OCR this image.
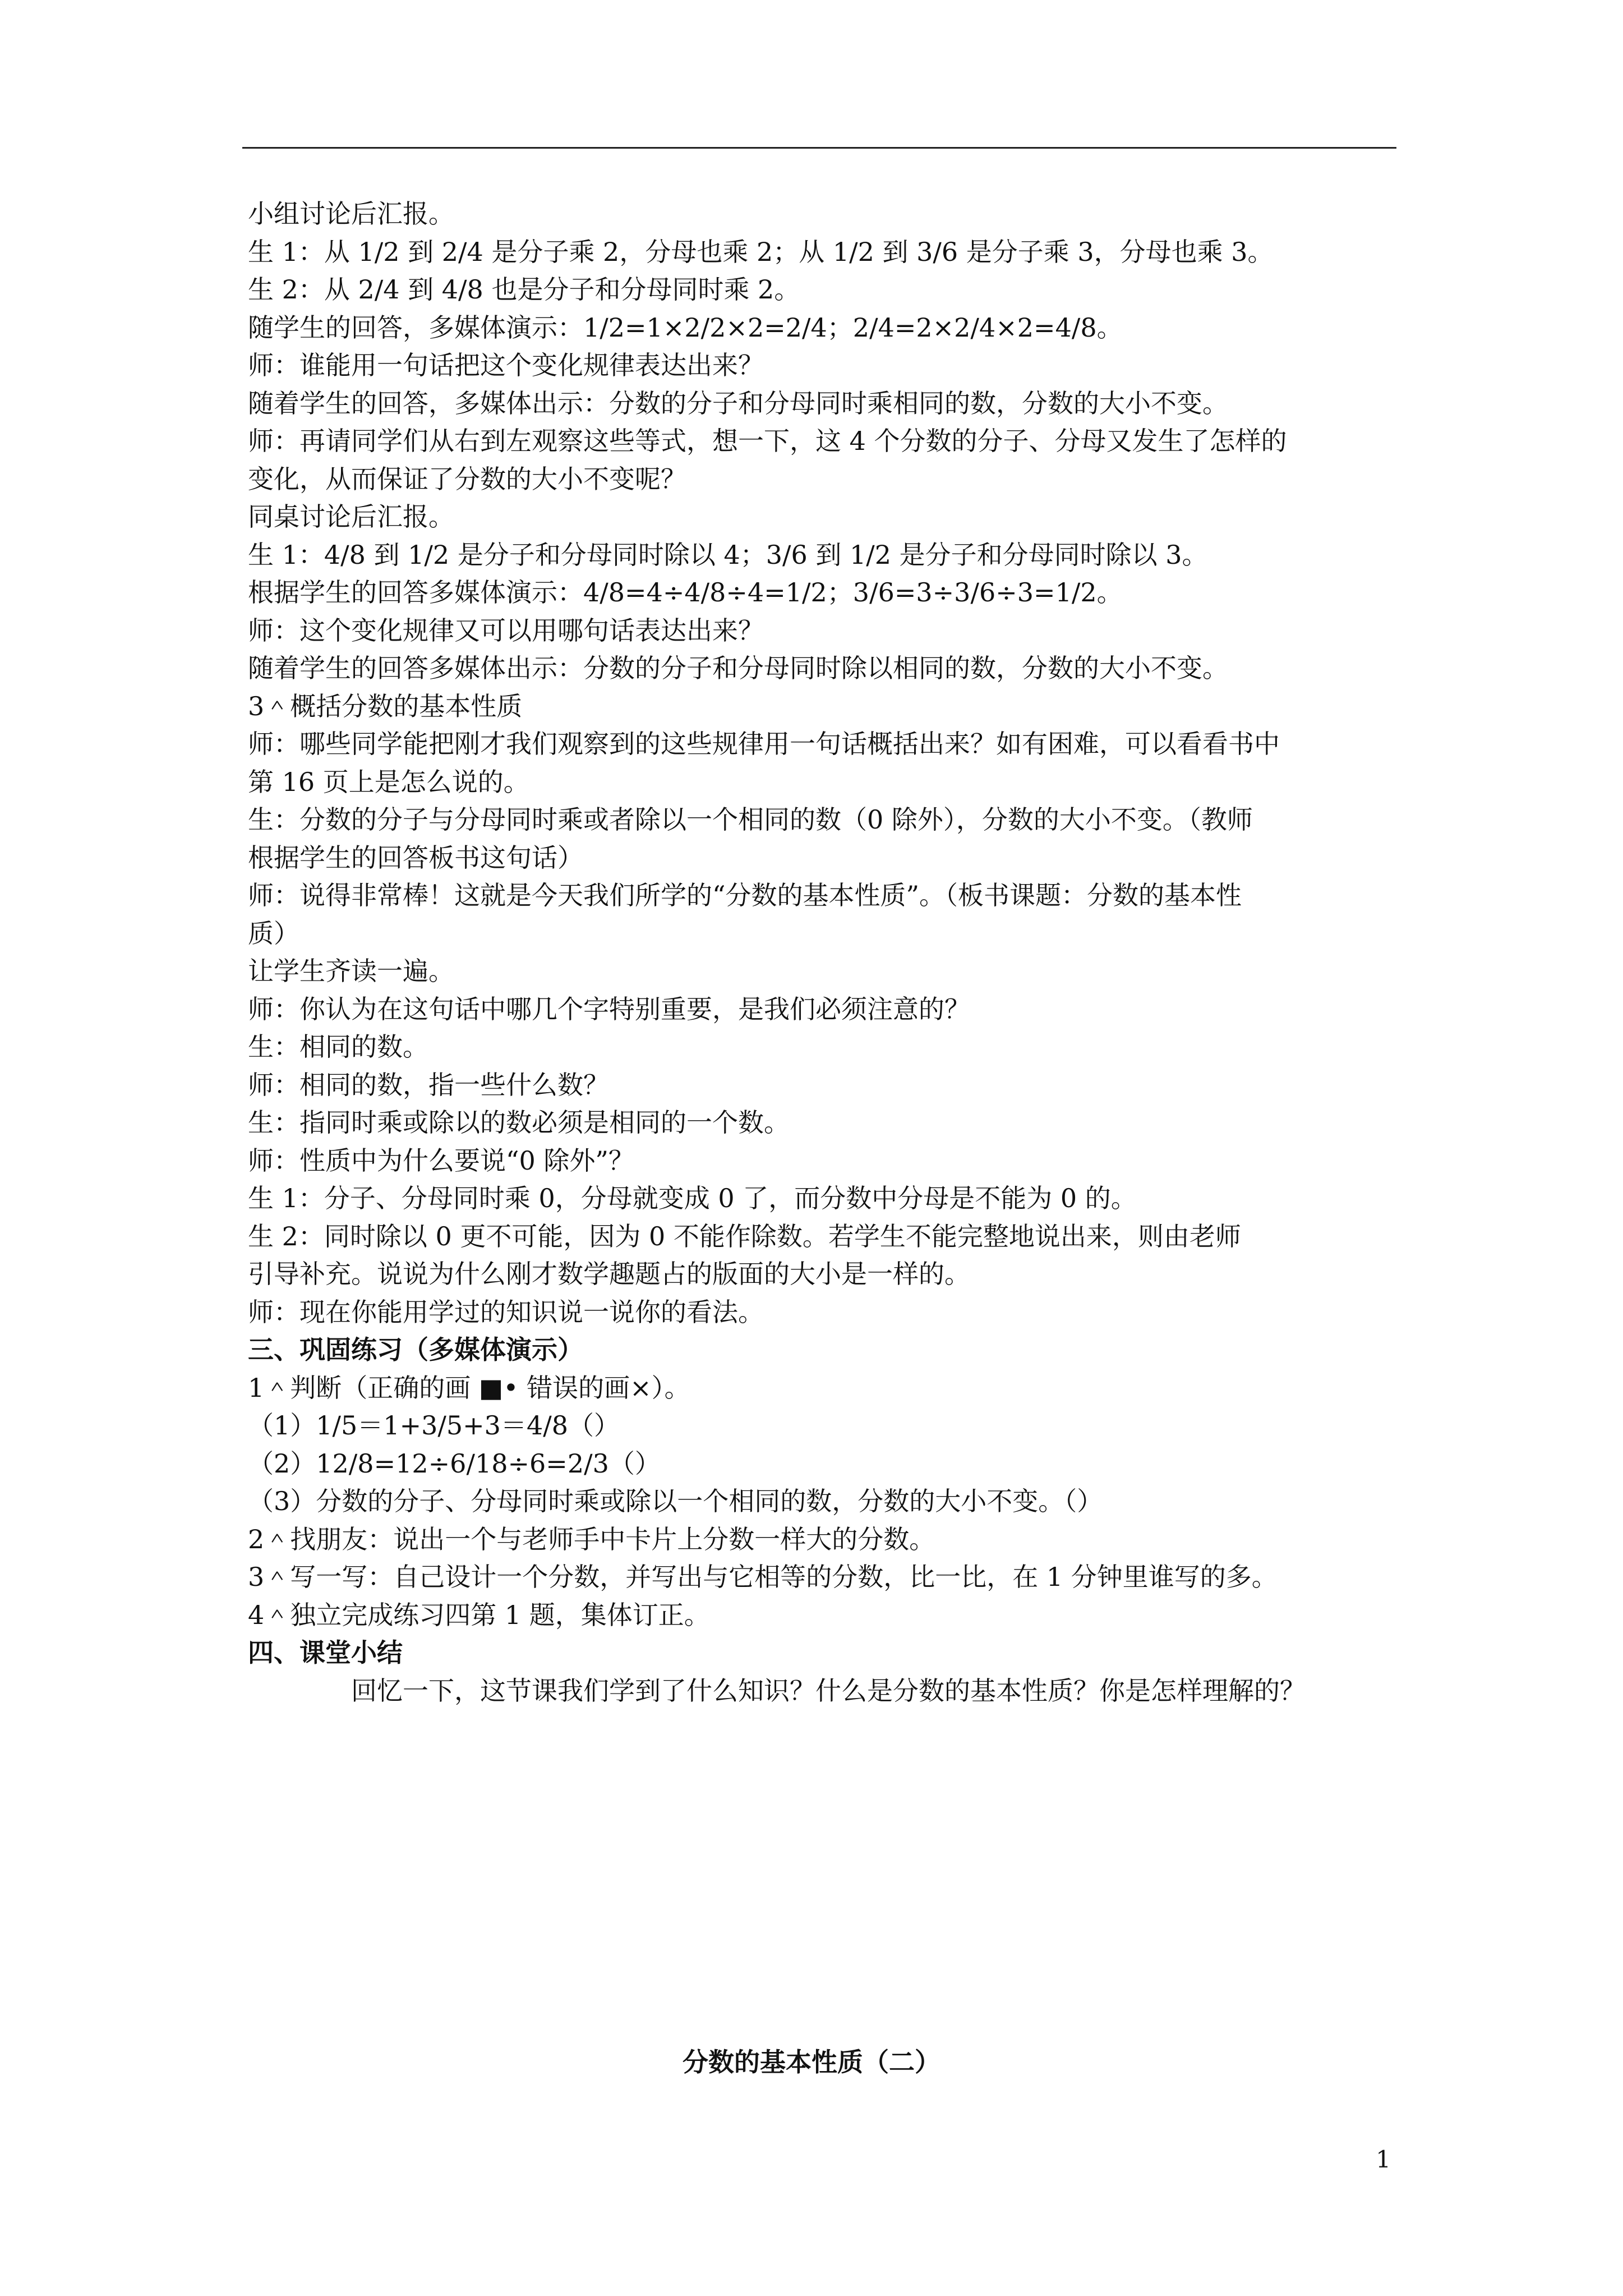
小组讨论后汇报。
生 1：从 1/2 到 2/4 是分子乘 2，分母也乘 2；从 1/2 到 3/6 是分子乘 3，分母也乘 3。
生 2：从 2/4 到 4/8 也是分子和分母同时乘 2。
随学生的回答，多媒体演示：1/2=1×2/2×2=2/4；2/4=2×2/4×2=4/8。
师：谁能用一句话把这个变化规律表达出来？
随着学生的回答，多媒体出示：分数的分子和分母同时乘相同的数，分数的大小不变。
师：再请同学们从右到左观察这些等式，想一下，这 4 个分数的分子、分母又发生了怎样的
变化，从而保证了分数的大小不变呢？
同桌讨论后汇报。
生 1：4/8 到 1/2 是分子和分母同时除以 4；3/6 到 1/2 是分子和分母同时除以 3。
根据学生的回答多媒体演示：4/8=4÷4/8÷4=1/2；3/6=3÷3/6÷3=1/2。
师：这个变化规律又可以用哪句话表达出来？
随着学生的回答多媒体出示：分数的分子和分母同时除以相同的数，分数的大小不变。
3＾概括分数的基本性质
师：哪些同学能把刚才我们观察到的这些规律用一句话概括出来？如有困难，可以看看书中
第 16 页上是怎么说的。
生：分数的分子与分母同时乘或者除以一个相同的数（0 除外），分数的大小不变。（教师
根据学生的回答板书这句话）
师：说得非常棒！这就是今天我们所学的“分数的基本性质”。（板书课题：分数的基本性
质）
让学生齐读一遍。
师：你认为在这句话中哪几个字特别重要，是我们必须注意的？
生：相同的数。
师：相同的数，指一些什么数？
生：指同时乘或除以的数必须是相同的一个数。
师：性质中为什么要说“0 除外”？
生 1：分子、分母同时乘 0，分母就变成 0 了，而分数中分母是不能为 0 的。
生 2：同时除以 0 更不可能，因为 0 不能作除数。若学生不能完整地说出来，则由老师
引导补充。说说为什么刚才数学趣题占的版面的大小是一样的。
师：现在你能用学过的知识说一说你的看法。
三、巩固练习（多媒体演示）
1＾判断（正确的画 ■• 错误的画×）。
（1）1/5＝1+3/5+3＝4/8（）
（2）12/8=12÷6/18÷6=2/3（）
（3）分数的分子、分母同时乘或除以一个相同的数，分数的大小不变。（）
2＾找朋友：说出一个与老师手中卡片上分数一样大的分数。
3＾写一写：自己设计一个分数，并写出与它相等的分数，比一比，在 1 分钟里谁写的多。
4＾独立完成练习四第 1 题，集体订正。
四、课堂小结
回忆一下，这节课我们学到了什么知识？什么是分数的基本性质？你是怎样理解的？
分数的基本性质（二）
1
